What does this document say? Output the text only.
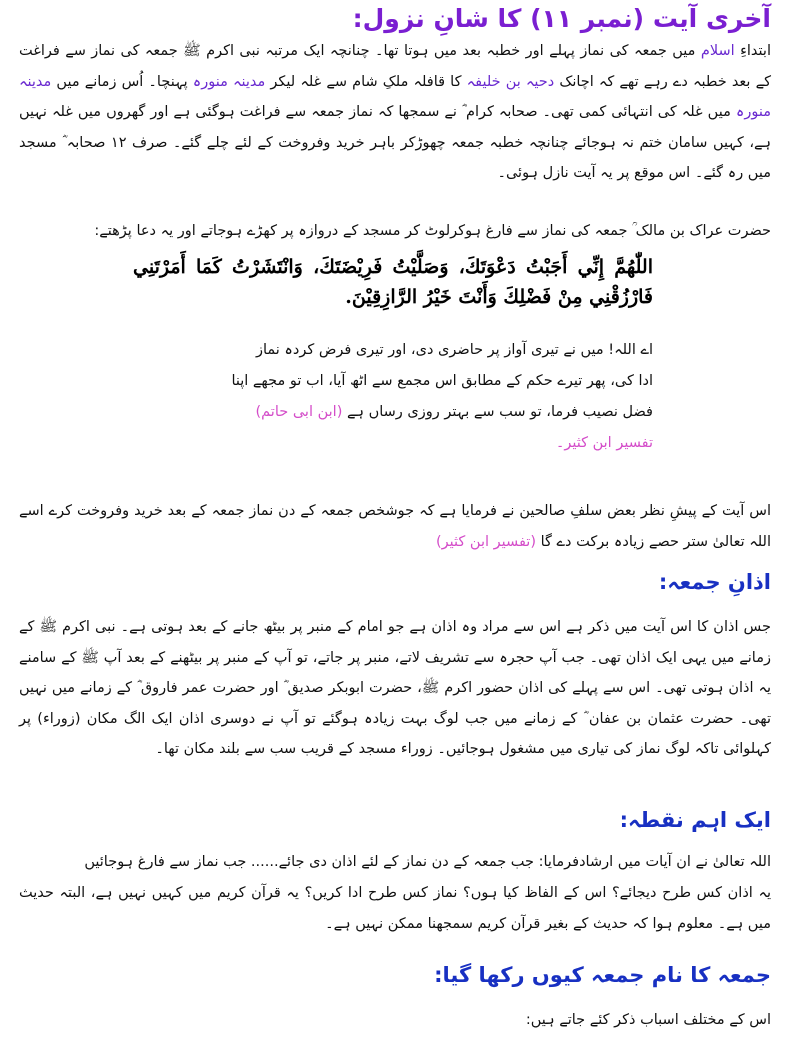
آخری آیت (نمبر ۱۱) کا شانِ نزول:

ابتداءِ اسلام میں جمعہ کی نماز پہلے اور خطبہ بعد میں ہوتا تھا۔ چنانچہ ایک مرتبہ نبی اکرم ﷺ جمعہ کی نماز سے فراغت کے بعد خطبہ دے رہے تھے کہ اچانک دحیہ بن خلیفہ کا قافلہ ملکِ شام سے غلہ لیکر مدینہ منورہ پہنچا۔ اُس زمانے میں مدینہ منورہ میں غلہ کی انتہائی کمی تھی۔ صحابہ کرام ؓ نے سمجھا کہ نماز جمعہ سے فراغت ہوگئی ہے اور گھروں میں غلہ نہیں ہے، کہیں سامان ختم نہ ہوجائے چنانچہ خطبہ جمعہ چھوڑکر باہر خرید وفروخت کے لئے چلے گئے۔ صرف ۱۲ صحابہ ؓ مسجد میں رہ گئے۔ اس موقع پر یہ آیت نازل ہوئی۔

حضرت عراک بن مالک ؒ جمعہ کی نماز سے فارغ ہوکرلوٹ کر مسجد کے دروازہ پر کھڑے ہوجاتے اور یہ دعا پڑھتے:

اللّٰهُمَّ إِنِّي أَجَبْتُ دَعْوَتَكَ، وَصَلَّيْتُ فَرِيْضَتَكَ، وَانْتَشَرْتُ كَمَا أَمَرْتَنِي فَارْزُقْنِي مِنْ فَضْلِكَ وَأَنْتَ خَيْرُ الرَّازِقِيْنَ.

اے اللہ! میں نے تیری آواز پر حاضری دی، اور تیری فرض کردہ نماز

ادا کی، پھر تیرے حکم کے مطابق اس مجمع سے اٹھ آیا، اب تو مجھے اپنا

فضل نصیب فرما، تو سب سے بہتر روزی رساں ہے (ابن ابی حاتم)

تفسیر ابن کثیر۔

اس آیت کے پیشِ نظر بعض سلفِ صالحین نے فرمایا ہے کہ جوشخص جمعہ کے دن نماز جمعہ کے بعد خرید وفروخت کرے اسے اللہ تعالیٰ ستر حصے زیادہ برکت دے گا (تفسیر ابن کثیر)

اذانِ جمعہ:

جس اذان کا اس آیت میں ذکر ہے اس سے مراد وہ اذان ہے جو امام کے منبر پر بیٹھ جانے کے بعد ہوتی ہے۔ نبی اکرم ﷺ کے زمانے میں یہی ایک اذان تھی۔ جب آپ حجرہ سے تشریف لاتے، منبر پر جاتے، تو آپ کے منبر پر بیٹھنے کے بعد آپ ﷺ کے سامنے یہ اذان ہوتی تھی۔ اس سے پہلے کی اذان حضور اکرم ﷺ، حضرت ابوبکر صدیق ؓ اور حضرت عمر فاروق ؓ کے زمانے میں نہیں تھی۔ حضرت عثمان بن عفان ؓ کے زمانے میں جب لوگ بہت زیادہ ہوگئے تو آپ نے دوسری اذان ایک الگ مکان (زوراء) پر کہلوائی تاکہ لوگ نماز کی تیاری میں مشغول ہوجائیں۔ زوراء مسجد کے قریب سب سے بلند مکان تھا۔

ایک اہم نقطہ:

اللہ تعالیٰ نے ان آیات میں ارشادفرمایا: جب جمعہ کے دن نماز کے لئے اذان دی جائے...... جب نماز سے فارغ ہوجائیں

یہ اذان کس طرح دیجائے؟ اس کے الفاظ کیا ہوں؟ نماز کس طرح ادا کریں؟ یہ قرآن کریم میں کہیں نہیں ہے، البتہ حدیث میں ہے۔ معلوم ہوا کہ حدیث کے بغیر قرآن کریم سمجھنا ممکن نہیں ہے۔

جمعہ کا نام جمعہ کیوں رکھا گیا:

اس کے مختلف اسباب ذکر کئے جاتے ہیں:
